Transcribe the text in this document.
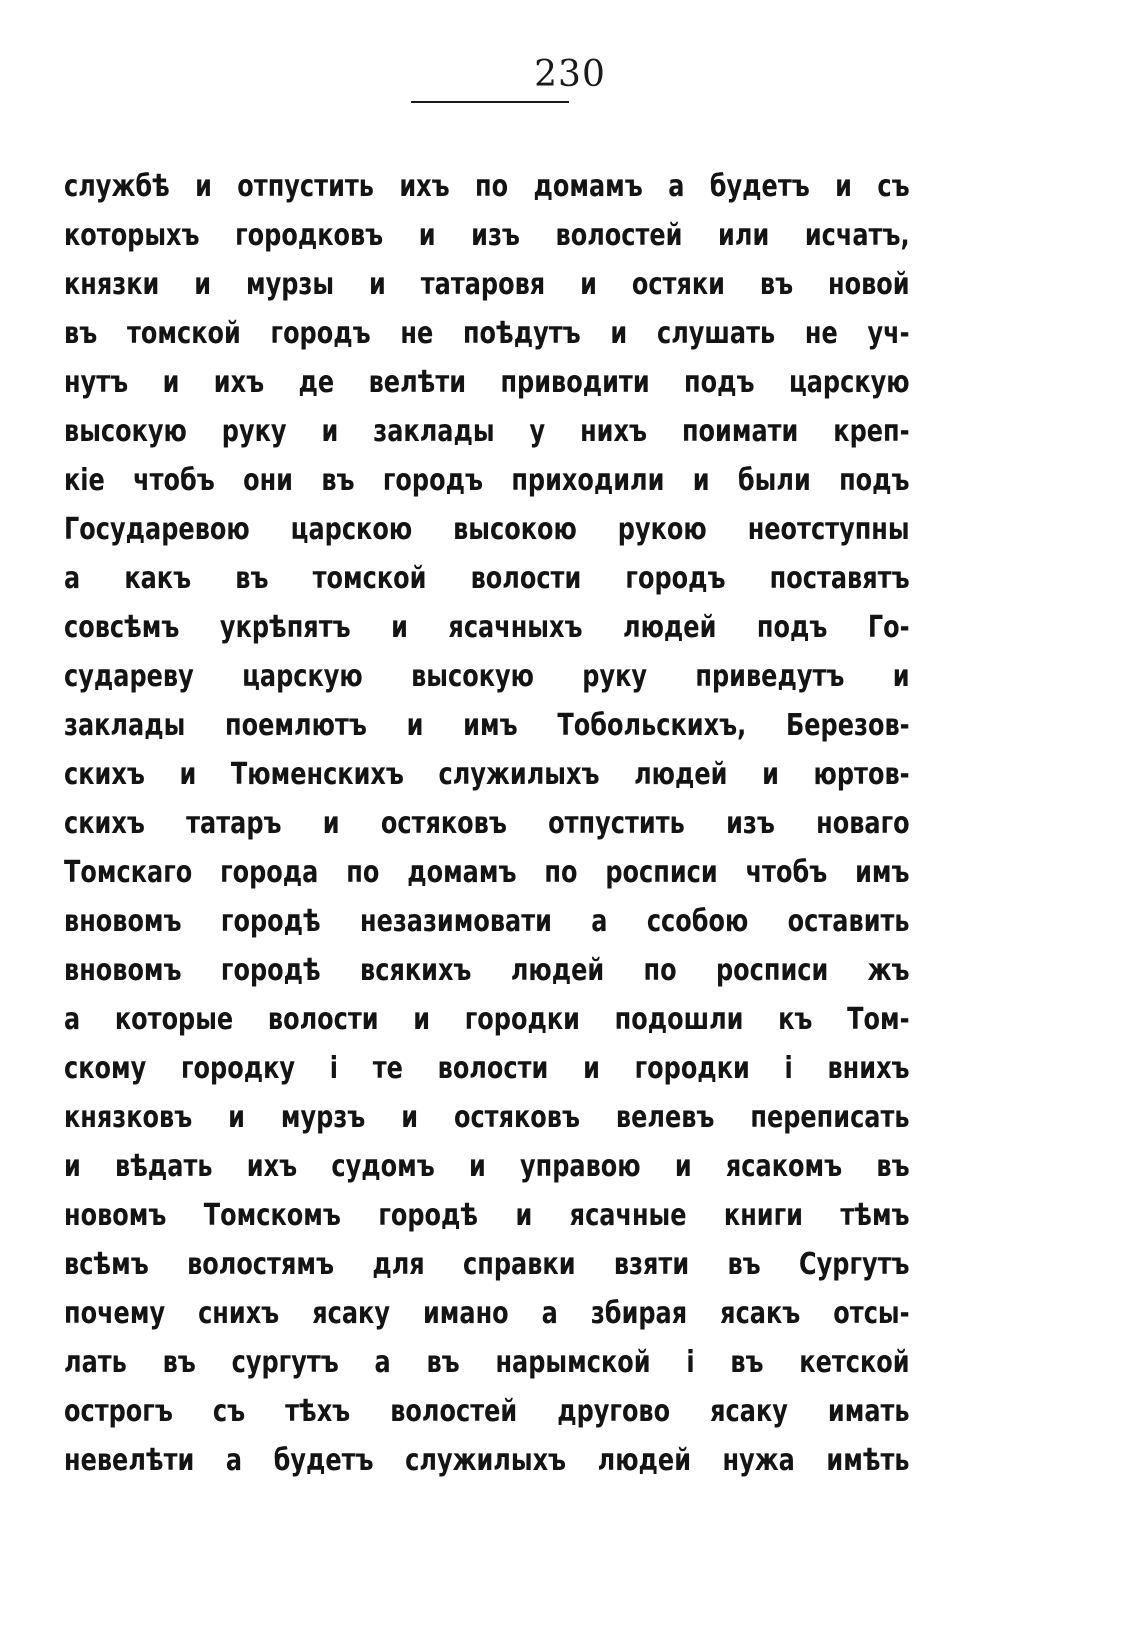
230
службѣ и отпустить ихъ по домамъ а будетъ и съ
которыхъ городковъ и изъ волостей или исчатъ,
князки и мурзы и татаровя и остяки въ новой
въ томской городъ не поѣдутъ и слушать не уч-
нутъ и ихъ де велѣти приводити подъ царскую
высокую руку и заклады у нихъ поимати креп-
кіе чтобъ они въ городъ приходили и были подъ
Государевою царскою высокою рукою неотступны
а какъ въ томской волости городъ поставятъ
совсѣмъ укрѣпятъ и ясачныхъ людей подъ Го-
судареву царскую высокую руку приведутъ и
заклады поемлютъ и имъ Тобольскихъ, Березов-
скихъ и Тюменскихъ служилыхъ людей и юртов-
скихъ татаръ и остяковъ отпустить изъ новаго
Томскаго города по домамъ по росписи чтобъ имъ
вновомъ городѣ незазимовати а ссобою оставить
вновомъ городѣ всякихъ людей по росписи жъ
а которые волости и городки подошли къ Том-
скому городку і те волости и городки і внихъ
князковъ и мурзъ и остяковъ велевъ переписать
и вѣдать ихъ судомъ и управою и ясакомъ въ
новомъ Томскомъ городѣ и ясачные книги тѣмъ
всѣмъ волостямъ для справки взяти въ Сургутъ
почему снихъ ясаку имано а збирая ясакъ отсы-
лать въ сургутъ а въ нарымской і въ кетской
острогъ съ тѣхъ волостей другово ясаку имать
невелѣти а будетъ служилыхъ людей нужа имѣть
